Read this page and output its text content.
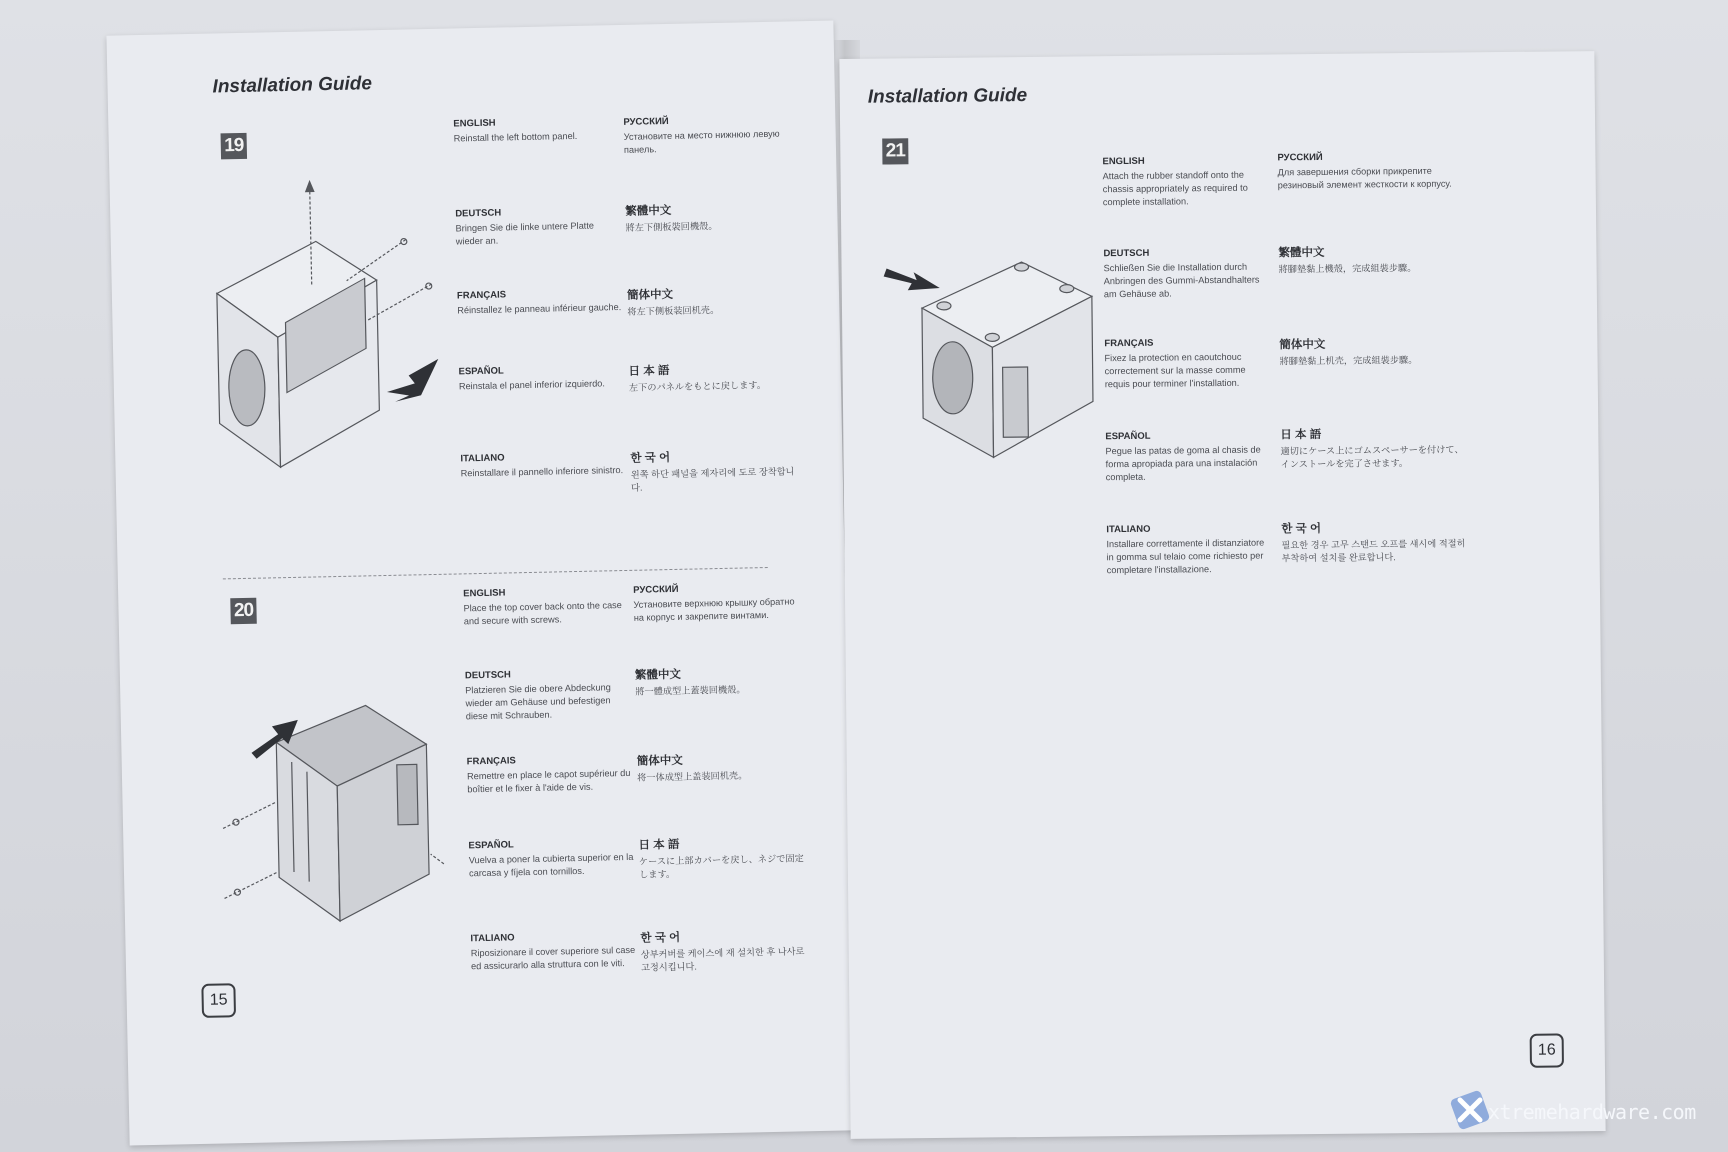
Installation Guide
19
ENGLISH
Reinstall the left bottom panel.
РУССКИЙ
Установите на место нижнюю левую панель.
DEUTSCH
Bringen Sie die linke untere Platte wieder an.
繁體中文
將左下側板裝回機殼。
FRANÇAIS
Réinstallez le panneau inférieur gauche.
簡体中文
将左下侧板装回机壳。
ESPAÑOL
Reinstala el panel inferior izquierdo.
日 本 語
左下のパネルをもとに戻します。
ITALIANO
Reinstallare il pannello inferiore sinistro.
한 국 어
왼쪽 하단 패널을 제자리에 도로 장착합니다.
20
ENGLISH
Place the top cover back onto the case and secure with screws.
РУССКИЙ
Установите верхнюю крышку обратно на корпус и закрепите винтами.
DEUTSCH
Platzieren Sie die obere Abdeckung wieder am Gehäuse und befestigen diese mit Schrauben.
繁體中文
將一體成型上蓋裝回機殼。
FRANÇAIS
Remettre en place le capot supérieur du boîtier et le fixer à l'aide de vis.
簡体中文
将一体成型上盖装回机壳。
ESPAÑOL
Vuelva a poner la cubierta superior en la carcasa y fíjela con tornillos.
日 本 語
ケースに上部カバーを戻し、ネジで固定します。
ITALIANO
Riposizionare il cover superiore sul case ed assicurarlo alla struttura con le viti.
한 국 어
상부커버를 케이스에 재 설치한 후 나사로 고정시킵니다.
15
Installation Guide
21
ENGLISH
Attach the rubber standoff onto the chassis appropriately as required to complete installation.
РУССКИЙ
Для завершения сборки прикрепите резиновый элемент жесткости к корпусу.
DEUTSCH
Schließen Sie die Installation durch Anbringen des Gummi-Abstandhalters am Gehäuse ab.
繁體中文
將腳墊黏上機殼，完成組裝步驟。
FRANÇAIS
Fixez la protection en caoutchouc correctement sur la masse comme requis pour terminer l'installation.
簡体中文
將腳墊黏上机壳，完成組裝步驟。
ESPAÑOL
Pegue las patas de goma al chasis de forma apropiada para una instalación completa.
日 本 語
適切にケース上にゴムスペーサーを付けて、インストールを完了させます。
ITALIANO
Installare correttamente il distanziatore in gomma sul telaio come richiesto per completare l'installazione.
한 국 어
필요한 경우 고무 스탠드 오프를 섀시에 적절히 부착하여 설치를 완료합니다.
16
xtremehardware.com
